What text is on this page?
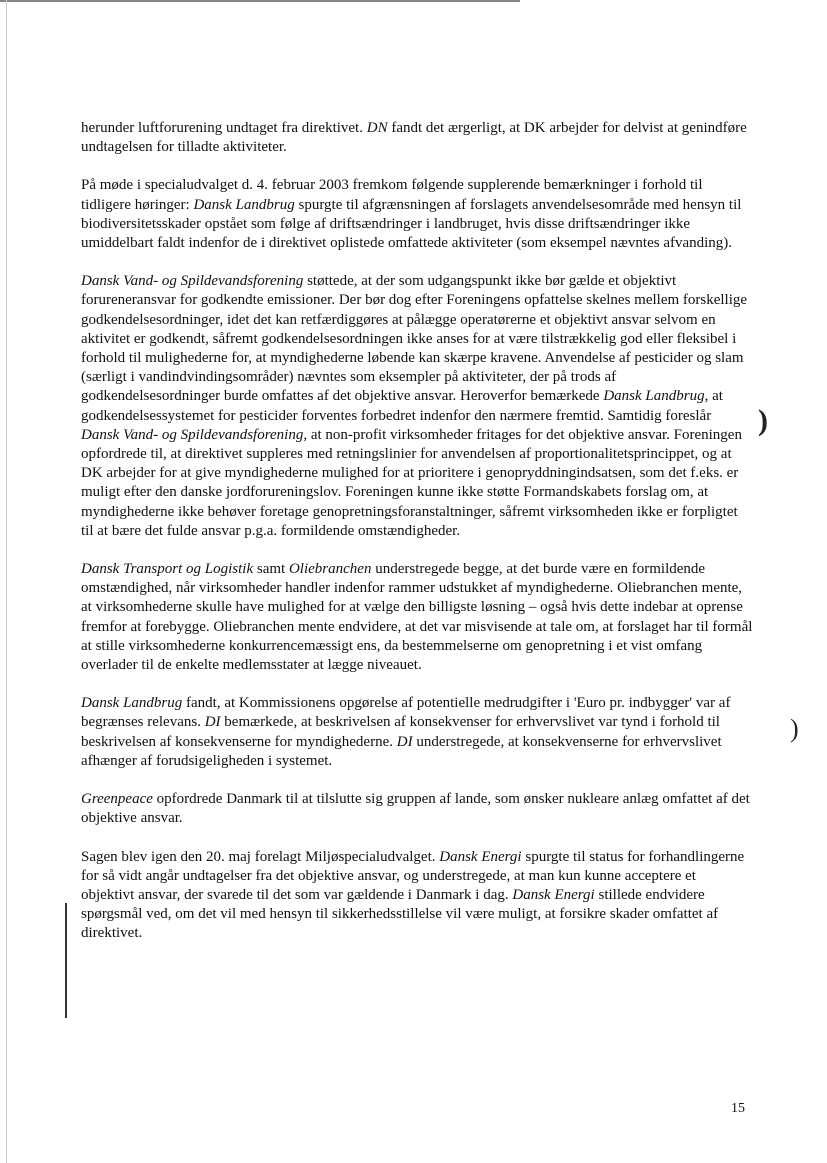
herunder luftforurening undtaget fra direktivet. DN fandt det ærgerligt, at DK arbejder for delvist at genindføre undtagelsen for tilladte aktiviteter.

På møde i specialudvalget d. 4. februar 2003 fremkom følgende supplerende bemærkninger i forhold til tidligere høringer: Dansk Landbrug spurgte til afgrænsningen af forslagets anvendelsesområde med hensyn til biodiversitetsskader opstået som følge af driftsændringer i landbruget, hvis disse driftsændringer ikke umiddelbart faldt indenfor de i direktivet oplistede omfattede aktiviteter (som eksempel nævntes afvanding).

Dansk Vand- og Spildevandsforening støttede, at der som udgangspunkt ikke bør gælde et objektivt forureneransvar for godkendte emissioner. Der bør dog efter Foreningens opfattelse skelnes mellem forskellige godkendelsesordninger, idet det kan retfærdiggøres at pålægge operatørerne et objektivt ansvar selvom en aktivitet er godkendt, såfremt godkendelsesordningen ikke anses for at være tilstrækkelig god eller fleksibel i forhold til mulighederne for, at myndighederne løbende kan skærpe kravene. Anvendelse af pesticider og slam (særligt i vandindvindingsområder) nævntes som eksempler på aktiviteter, der på trods af godkendelsesordninger burde omfattes af det objektive ansvar. Heroverfor bemærkede Dansk Landbrug, at godkendelsessystemet for pesticider forventes forbedret indenfor den nærmere fremtid. Samtidig foreslår Dansk Vand- og Spildevandsforening, at non-profit virksomheder fritages for det objektive ansvar. Foreningen opfordrede til, at direktivet suppleres med retningslinier for anvendelsen af proportionalitetsprincippet, og at DK arbejder for at give myndighederne mulighed for at prioritere i genopryddningindsatsen, som det f.eks. er muligt efter den danske jordforureningslov. Foreningen kunne ikke støtte Formandskabets forslag om, at myndighederne ikke behøver foretage genopretningsforanstaltninger, såfremt virksomheden ikke er forpligtet til at bære det fulde ansvar p.g.a. formildende omstændigheder.

Dansk Transport og Logistik samt Oliebranchen understregede begge, at det burde være en formildende omstændighed, når virksomheder handler indenfor rammer udstukket af myndighederne. Oliebranchen mente, at virksomhederne skulle have mulighed for at vælge den billigste løsning – også hvis dette indebar at oprense fremfor at forebygge. Oliebranchen mente endvidere, at det var misvisende at tale om, at forslaget har til formål at stille virksomhederne konkurrencemæssigt ens, da bestemmelserne om genopretning i et vist omfang overlader til de enkelte medlemsstater at lægge niveauet.

Dansk Landbrug fandt, at Kommissionens opgørelse af potentielle medrudgifter i 'Euro pr. indbygger' var af begrænses relevans. DI bemærkede, at beskrivelsen af konsekvenser for erhvervslivet var tynd i forhold til beskrivelsen af konsekvenserne for myndighederne. DI understregede, at konsekvenserne for erhvervslivet afhænger af forudsigeligheden i systemet.

Greenpeace opfordrede Danmark til at tilslutte sig gruppen af lande, som ønsker nukleare anlæg omfattet af det objektive ansvar.

Sagen blev igen den 20. maj forelagt Miljøspecialudvalget. Dansk Energi spurgte til status for forhandlingerne for så vidt angår undtagelser fra det objektive ansvar, og understregede, at man kun kunne acceptere et objektivt ansvar, der svarede til det som var gældende i Danmark i dag. Dansk Energi stillede endvidere spørgsmål ved, om det vil med hensyn til sikkerhedsstillelse vil være muligt, at forsikre skader omfattet af direktivet.

)
)
15
